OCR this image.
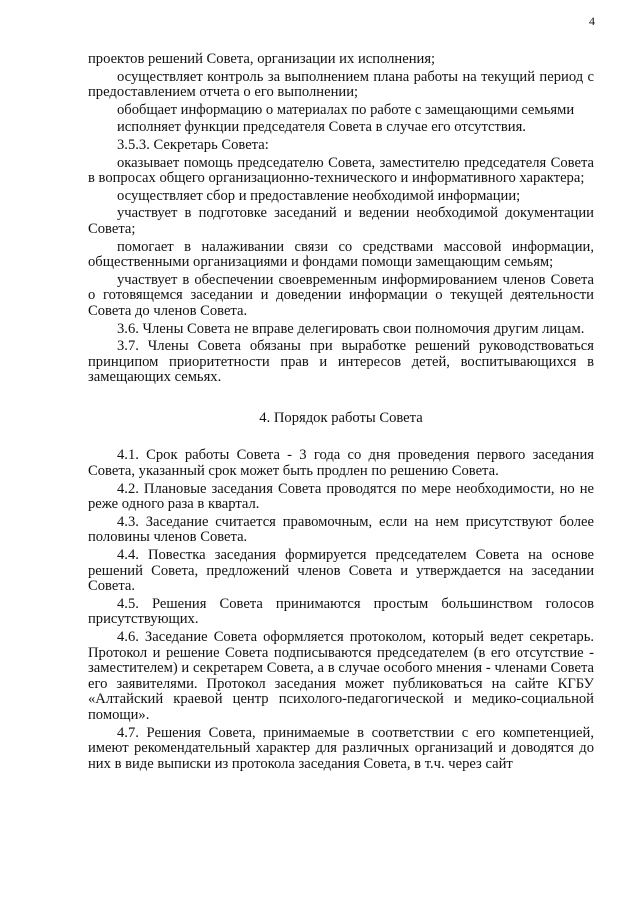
4

проектов решений Совета, организации их исполнения;

осуществляет контроль за выполнением плана работы на текущий период с предоставлением отчета о его выполнении;

обобщает информацию о материалах по работе с замещающими семьями

исполняет функции председателя Совета в случае его отсутствия.

3.5.3. Секретарь Совета:

оказывает помощь председателю Совета, заместителю председателя Совета в вопросах общего организационно-технического и информативного характера;

осуществляет сбор и предоставление необходимой информации;

участвует в подготовке заседаний и ведении необходимой документации Совета;

помогает в налаживании связи со средствами массовой информации, общественными организациями и фондами помощи замещающим семьям;

участвует в обеспечении своевременным информированием членов Совета о готовящемся заседании и доведении информации о текущей деятельности Совета до членов Совета.

3.6. Члены Совета не вправе делегировать свои полномочия другим лицам.

3.7. Члены Совета обязаны при выработке решений руководствоваться принципом приоритетности прав и интересов детей, воспитывающихся в замещающих семьях.

4. Порядок работы Совета

4.1. Срок работы Совета - 3 года со дня проведения первого заседания Совета, указанный срок может быть продлен по решению Совета.

4.2. Плановые заседания Совета проводятся по мере необходимости, но не реже одного раза в квартал.

4.3. Заседание считается правомочным, если на нем присутствуют более половины членов Совета.

4.4. Повестка заседания формируется председателем Совета на основе решений Совета, предложений членов Совета и утверждается на заседании Совета.

4.5. Решения Совета принимаются простым большинством голосов присутствующих.

4.6. Заседание Совета оформляется протоколом, который ведет секретарь. Протокол и решение Совета подписываются председателем (в его отсутствие - заместителем) и секретарем Совета, а в случае особого мнения - членами Совета его заявителями. Протокол заседания может публиковаться на сайте КГБУ «Алтайский краевой центр психолого-педагогической и медико-социальной помощи».

4.7. Решения Совета, принимаемые в соответствии с его компетенцией, имеют рекомендательный характер для различных организаций и доводятся до них в виде выписки из протокола заседания Совета, в т.ч. через сайт
